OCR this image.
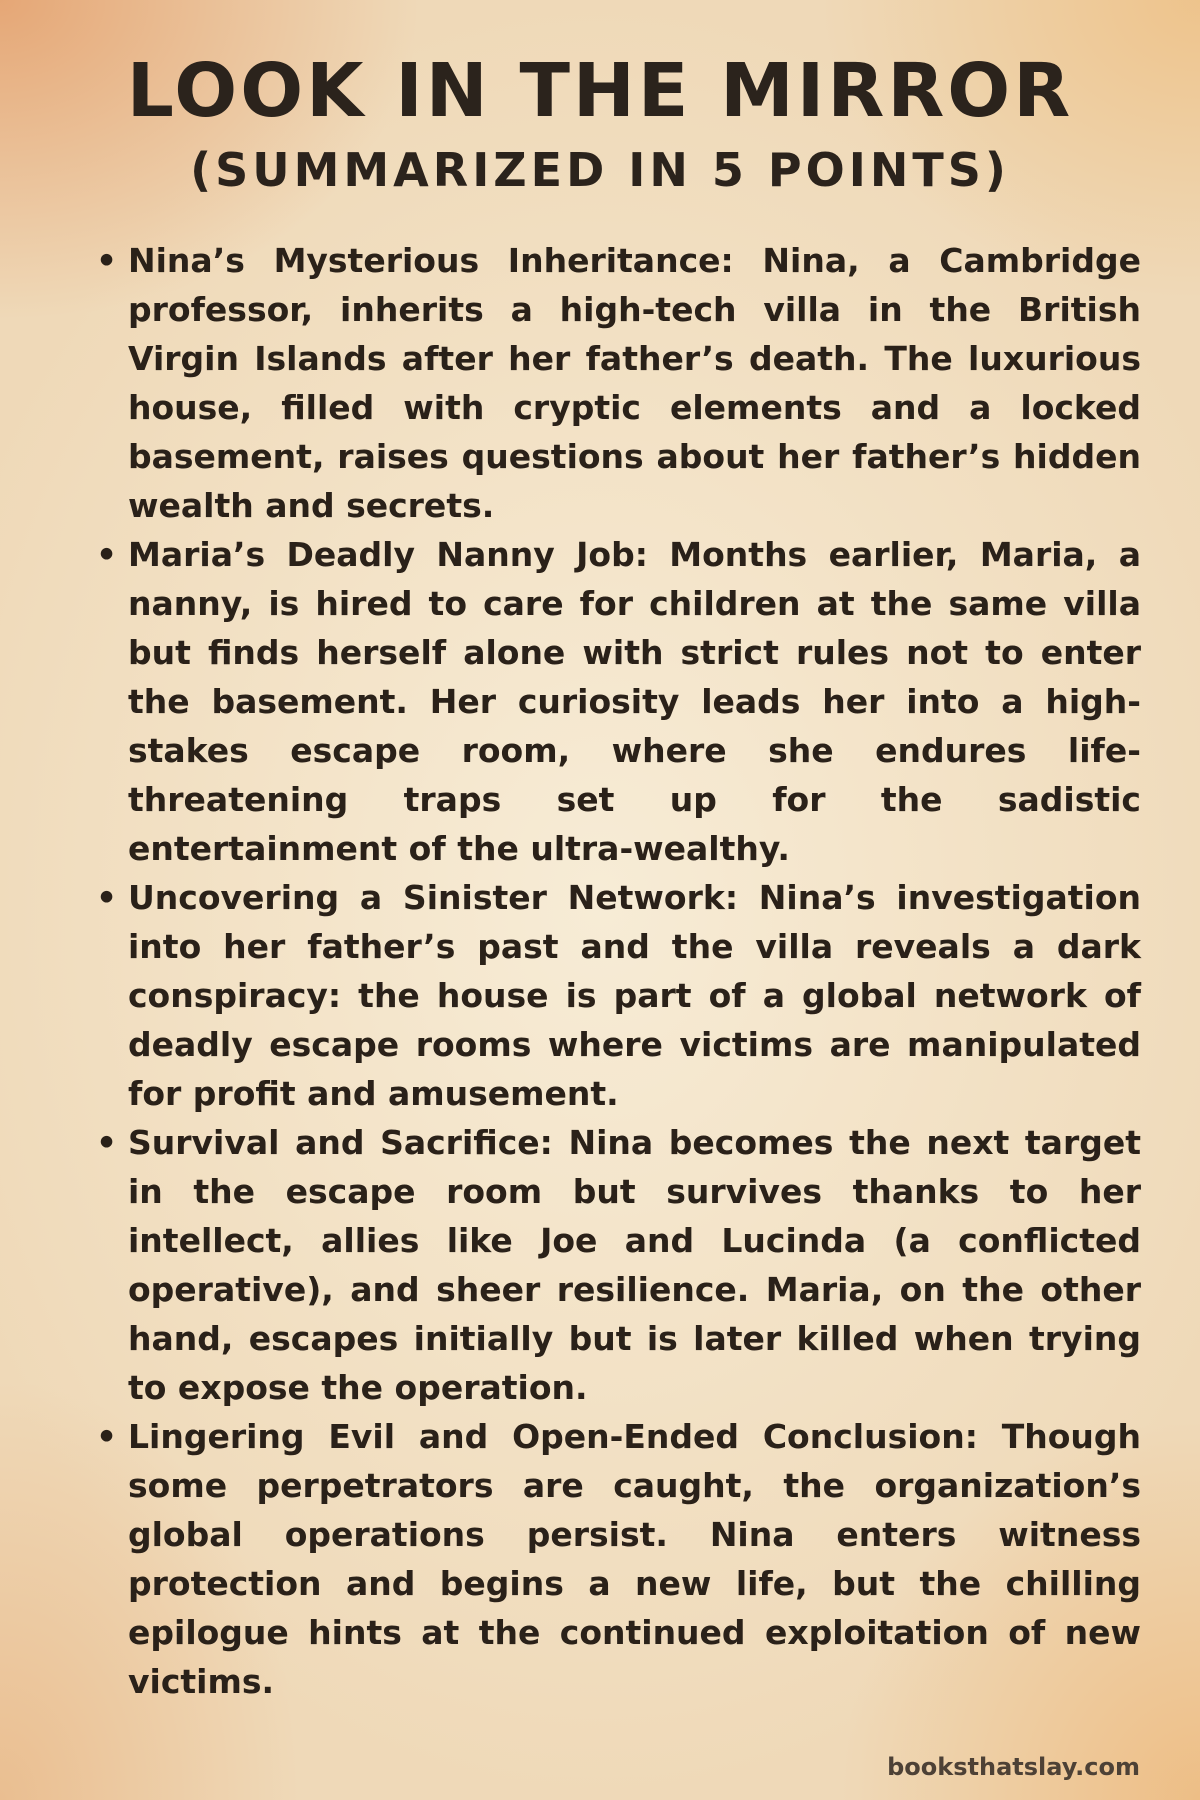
LOOK IN THE MIRROR
(SUMMARIZED IN 5 POINTS)
• Nina’s Mysterious Inheritance: Nina, a Cambridge professor, inherits a high-tech villa in the British Virgin Islands after her father’s death. The luxurious house, filled with cryptic elements and a locked basement, raises questions about her father’s hidden wealth and secrets.
• Maria’s Deadly Nanny Job: Months earlier, Maria, a nanny, is hired to care for children at the same villa but finds herself alone with strict rules not to enter the basement. Her curiosity leads her into a high-stakes escape room, where she endures life-threatening traps set up for the sadistic entertainment of the ultra-wealthy.
• Uncovering a Sinister Network: Nina’s investigation into her father’s past and the villa reveals a dark conspiracy: the house is part of a global network of deadly escape rooms where victims are manipulated for profit and amusement.
• Survival and Sacrifice: Nina becomes the next target in the escape room but survives thanks to her intellect, allies like Joe and Lucinda (a conflicted operative), and sheer resilience. Maria, on the other hand, escapes initially but is later killed when trying to expose the operation.
• Lingering Evil and Open-Ended Conclusion: Though some perpetrators are caught, the organization’s global operations persist. Nina enters witness protection and begins a new life, but the chilling epilogue hints at the continued exploitation of new victims.
booksthatslay.com
